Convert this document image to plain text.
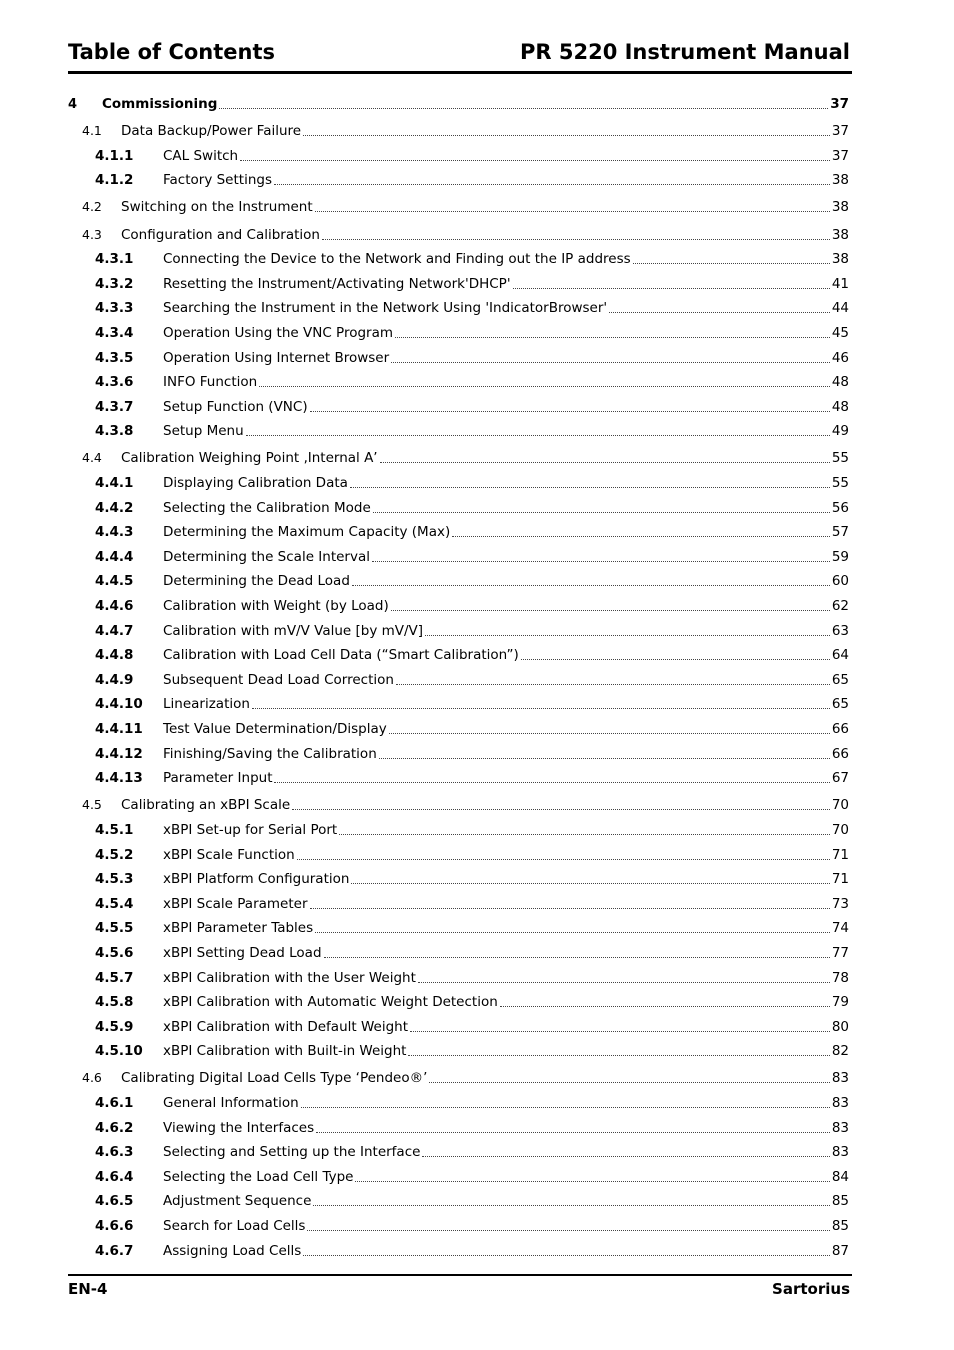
Table of Contents	PR 5220 Instrument Manual
4	Commissioning	37
4.1	Data Backup/Power Failure	37
4.1.1	CAL Switch	37
4.1.2	Factory Settings	38
4.2	Switching on the Instrument	38
4.3	Configuration and Calibration	38
4.3.1	Connecting the Device to the Network and Finding out the IP address	38
4.3.2	Resetting the Instrument/Activating Network'DHCP'	41
4.3.3	Searching the Instrument in the Network Using 'IndicatorBrowser'	44
4.3.4	Operation Using the VNC Program	45
4.3.5	Operation Using Internet Browser	46
4.3.6	INFO Function	48
4.3.7	Setup Function (VNC)	48
4.3.8	Setup Menu	49
4.4	Calibration Weighing Point ‚Internal A’	55
4.4.1	Displaying Calibration Data	55
4.4.2	Selecting the Calibration Mode	56
4.4.3	Determining the Maximum Capacity (Max)	57
4.4.4	Determining the Scale Interval	59
4.4.5	Determining the Dead Load	60
4.4.6	Calibration with Weight (by Load)	62
4.4.7	Calibration with mV/V Value [by mV/V]	63
4.4.8	Calibration with Load Cell Data (“Smart Calibration”)	64
4.4.9	Subsequent Dead Load Correction	65
4.4.10	Linearization	65
4.4.11	Test Value Determination/Display	66
4.4.12	Finishing/Saving the Calibration	66
4.4.13	Parameter Input	67
4.5	Calibrating an xBPI Scale	70
4.5.1	xBPI Set-up for Serial Port	70
4.5.2	xBPI Scale Function	71
4.5.3	xBPI Platform Configuration	71
4.5.4	xBPI Scale Parameter	73
4.5.5	xBPI Parameter Tables	74
4.5.6	xBPI Setting Dead Load	77
4.5.7	xBPI Calibration with the User Weight	78
4.5.8	xBPI Calibration with Automatic Weight Detection	79
4.5.9	xBPI Calibration with Default Weight	80
4.5.10	xBPI Calibration with Built-in Weight	82
4.6	Calibrating Digital Load Cells Type ‘Pendeo®’	83
4.6.1	General Information	83
4.6.2	Viewing the Interfaces	83
4.6.3	Selecting and Setting up the Interface	83
4.6.4	Selecting the Load Cell Type	84
4.6.5	Adjustment Sequence	85
4.6.6	Search for Load Cells	85
4.6.7	Assigning Load Cells	87
EN-4	Sartorius
